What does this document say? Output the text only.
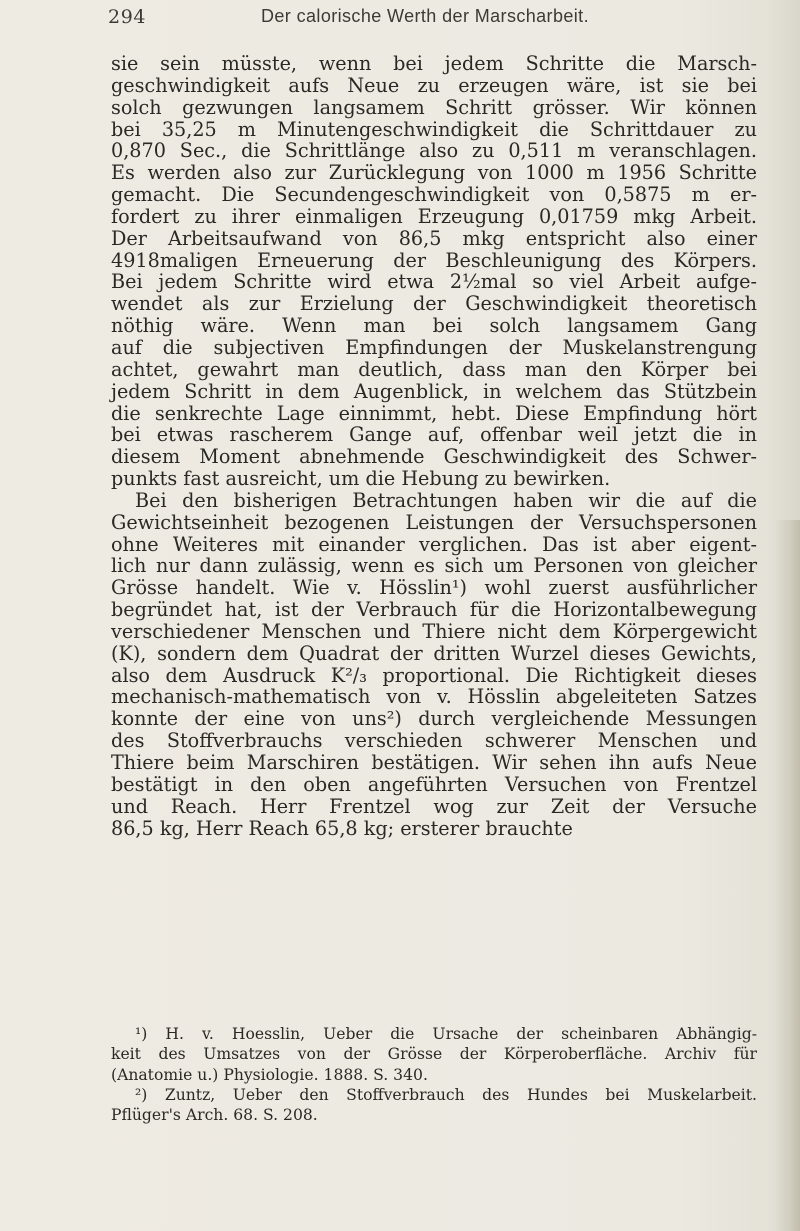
294	Der calorische Werth der Marscharbeit.
sie sein müsste, wenn bei jedem Schritte die Marsch-
geschwindigkeit aufs Neue zu erzeugen wäre, ist sie bei
solch gezwungen langsamem Schritt grösser. Wir können
bei 35,25 m Minutengeschwindigkeit die Schrittdauer zu
0,870 Sec., die Schrittlänge also zu 0,511 m veranschlagen.
Es werden also zur Zurücklegung von 1000 m 1956 Schritte
gemacht. Die Secundengeschwindigkeit von 0,5875 m er-
fordert zu ihrer einmaligen Erzeugung 0,01759 mkg Arbeit.
Der Arbeitsaufwand von 86,5 mkg entspricht also einer
4918maligen Erneuerung der Beschleunigung des Körpers.
Bei jedem Schritte wird etwa 2½mal so viel Arbeit aufge-
wendet als zur Erzielung der Geschwindigkeit theoretisch
nöthig wäre. Wenn man bei solch langsamem Gang
auf die subjectiven Empfindungen der Muskelanstrengung
achtet, gewahrt man deutlich, dass man den Körper bei
jedem Schritt in dem Augenblick, in welchem das Stützbein
die senkrechte Lage einnimmt, hebt. Diese Empfindung hört
bei etwas rascherem Gange auf, offenbar weil jetzt die in
diesem Moment abnehmende Geschwindigkeit des Schwer-
punkts fast ausreicht, um die Hebung zu bewirken.
Bei den bisherigen Betrachtungen haben wir die auf die
Gewichtseinheit bezogenen Leistungen der Versuchspersonen
ohne Weiteres mit einander verglichen. Das ist aber eigent-
lich nur dann zulässig, wenn es sich um Personen von gleicher
Grösse handelt. Wie v. Hösslin¹) wohl zuerst ausführlicher
begründet hat, ist der Verbrauch für die Horizontalbewegung
verschiedener Menschen und Thiere nicht dem Körpergewicht
(K), sondern dem Quadrat der dritten Wurzel dieses Gewichts,
also dem Ausdruck K²/₃ proportional. Die Richtigkeit dieses
mechanisch-mathematisch von v. Hösslin abgeleiteten Satzes
konnte der eine von uns²) durch vergleichende Messungen
des Stoffverbrauchs verschieden schwerer Menschen und
Thiere beim Marschiren bestätigen. Wir sehen ihn aufs Neue
bestätigt in den oben angeführten Versuchen von Frentzel
und Reach. Herr Frentzel wog zur Zeit der Versuche
86,5 kg, Herr Reach 65,8 kg; ersterer brauchte
¹) H. v. Hoesslin, Ueber die Ursache der scheinbaren Abhängig-
keit des Umsatzes von der Grösse der Körperoberfläche. Archiv für
(Anatomie u.) Physiologie. 1888. S. 340.
²) Zuntz, Ueber den Stoffverbrauch des Hundes bei Muskelarbeit.
Pflüger's Arch. 68. S. 208.
